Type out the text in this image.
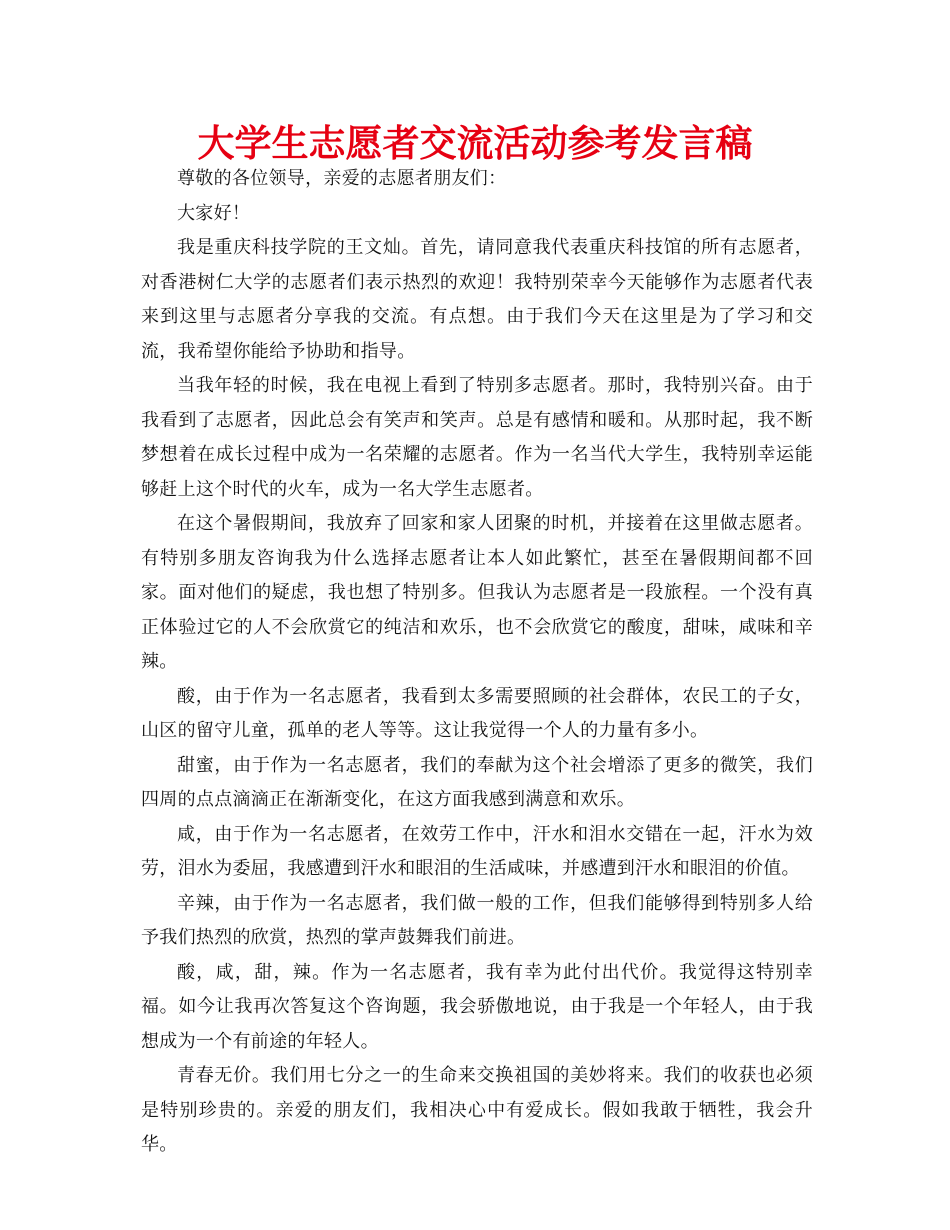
大学生志愿者交流活动参考发言稿

尊敬的各位领导，亲爱的志愿者朋友们：

大家好！

我是重庆科技学院的王文灿。首先，请同意我代表重庆科技馆的所有志愿者，对香港树仁大学的志愿者们表示热烈的欢迎！我特别荣幸今天能够作为志愿者代表来到这里与志愿者分享我的交流。有点想。由于我们今天在这里是为了学习和交流，我希望你能给予协助和指导。

当我年轻的时候，我在电视上看到了特别多志愿者。那时，我特别兴奋。由于我看到了志愿者，因此总会有笑声和笑声。总是有感情和暖和。从那时起，我不断梦想着在成长过程中成为一名荣耀的志愿者。作为一名当代大学生，我特别幸运能够赶上这个时代的火车，成为一名大学生志愿者。

在这个暑假期间，我放弃了回家和家人团聚的时机，并接着在这里做志愿者。有特别多朋友咨询我为什么选择志愿者让本人如此繁忙，甚至在暑假期间都不回家。面对他们的疑虑，我也想了特别多。但我认为志愿者是一段旅程。一个没有真正体验过它的人不会欣赏它的纯洁和欢乐，也不会欣赏它的酸度，甜味，咸味和辛辣。

酸，由于作为一名志愿者，我看到太多需要照顾的社会群体，农民工的子女，山区的留守儿童，孤单的老人等等。这让我觉得一个人的力量有多小。

甜蜜，由于作为一名志愿者，我们的奉献为这个社会增添了更多的微笑，我们四周的点点滴滴正在渐渐变化，在这方面我感到满意和欢乐。

咸，由于作为一名志愿者，在效劳工作中，汗水和泪水交错在一起，汗水为效劳，泪水为委屈，我感遭到汗水和眼泪的生活咸味，并感遭到汗水和眼泪的价值。

辛辣，由于作为一名志愿者，我们做一般的工作，但我们能够得到特别多人给予我们热烈的欣赏，热烈的掌声鼓舞我们前进。

酸，咸，甜，辣。作为一名志愿者，我有幸为此付出代价。我觉得这特别幸福。如今让我再次答复这个咨询题，我会骄傲地说，由于我是一个年轻人，由于我想成为一个有前途的年轻人。

青春无价。我们用七分之一的生命来交换祖国的美妙将来。我们的收获也必须是特别珍贵的。亲爱的朋友们，我相决心中有爱成长。假如我敢于牺牲，我会升华。
